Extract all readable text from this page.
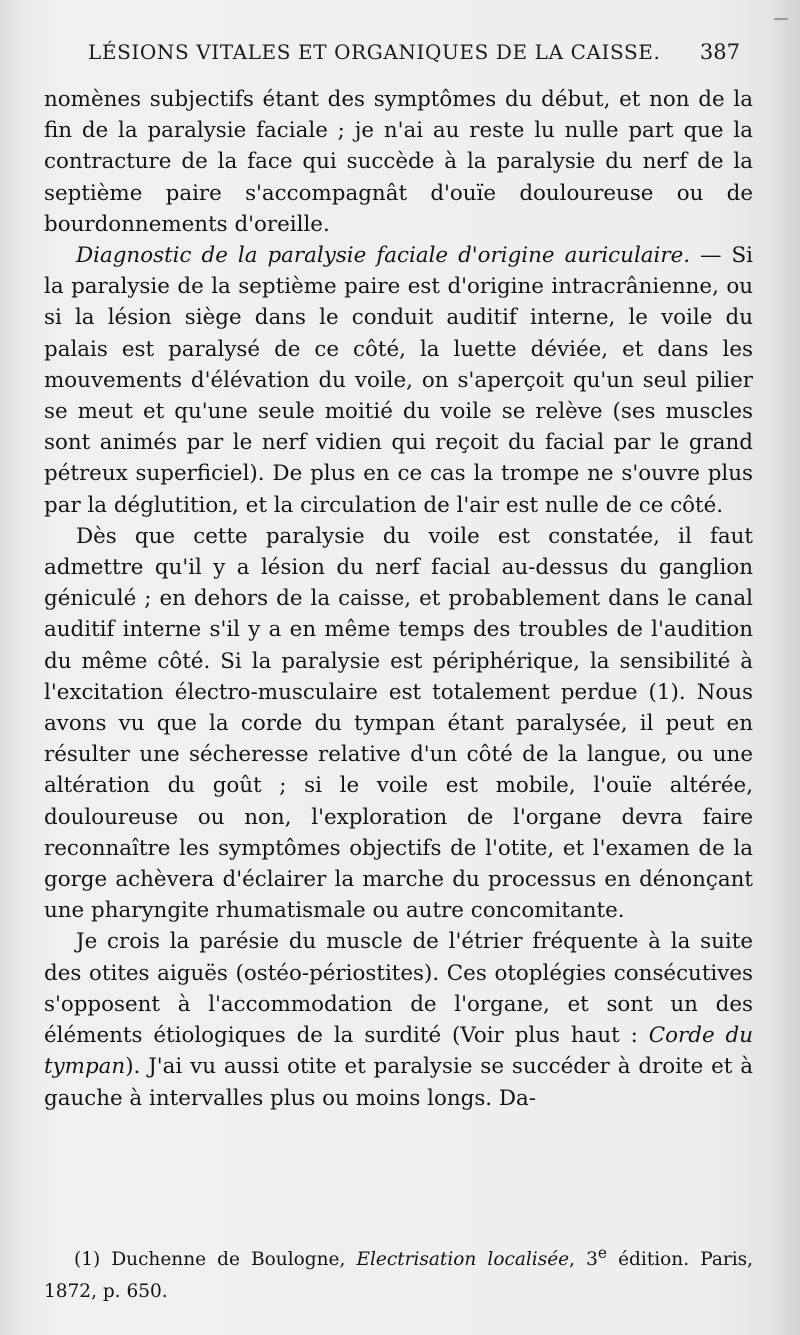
LÉSIONS VITALES ET ORGANIQUES DE LA CAISSE. 387

nomènes subjectifs étant des symptômes du début, et non de la fin de la paralysie faciale ; je n'ai au reste lu nulle part que la contracture de la face qui succède à la paralysie du nerf de la septième paire s'accompagnât d'ouïe douloureuse ou de bourdonnements d'oreille.

Diagnostic de la paralysie faciale d'origine auriculaire. — Si la paralysie de la septième paire est d'origine intracrânienne, ou si la lésion siège dans le conduit auditif interne, le voile du palais est paralysé de ce côté, la luette déviée, et dans les mouvements d'élévation du voile, on s'aperçoit qu'un seul pilier se meut et qu'une seule moitié du voile se relève (ses muscles sont animés par le nerf vidien qui reçoit du facial par le grand pétreux superficiel). De plus en ce cas la trompe ne s'ouvre plus par la déglutition, et la circulation de l'air est nulle de ce côté.

Dès que cette paralysie du voile est constatée, il faut admettre qu'il y a lésion du nerf facial au-dessus du ganglion géniculé ; en dehors de la caisse, et probablement dans le canal auditif interne s'il y a en même temps des troubles de l'audition du même côté. Si la paralysie est périphérique, la sensibilité à l'excitation électro-musculaire est totalement perdue (1). Nous avons vu que la corde du tympan étant paralysée, il peut en résulter une sécheresse relative d'un côté de la langue, ou une altération du goût ; si le voile est mobile, l'ouïe altérée, douloureuse ou non, l'exploration de l'organe devra faire reconnaître les symptômes objectifs de l'otite, et l'examen de la gorge achèvera d'éclairer la marche du processus en dénonçant une pharyngite rhumatismale ou autre concomitante.

Je crois la parésie du muscle de l'étrier fréquente à la suite des otites aiguës (ostéo-périostites). Ces otoplégies consécutives s'opposent à l'accommodation de l'organe, et sont un des éléments étiologiques de la surdité (Voir plus haut : Corde du tympan). J'ai vu aussi otite et paralysie se succéder à droite et à gauche à intervalles plus ou moins longs. Da-

(1) Duchenne de Boulogne, Electrisation localisée, 3e édition. Paris, 1872, p. 650.
